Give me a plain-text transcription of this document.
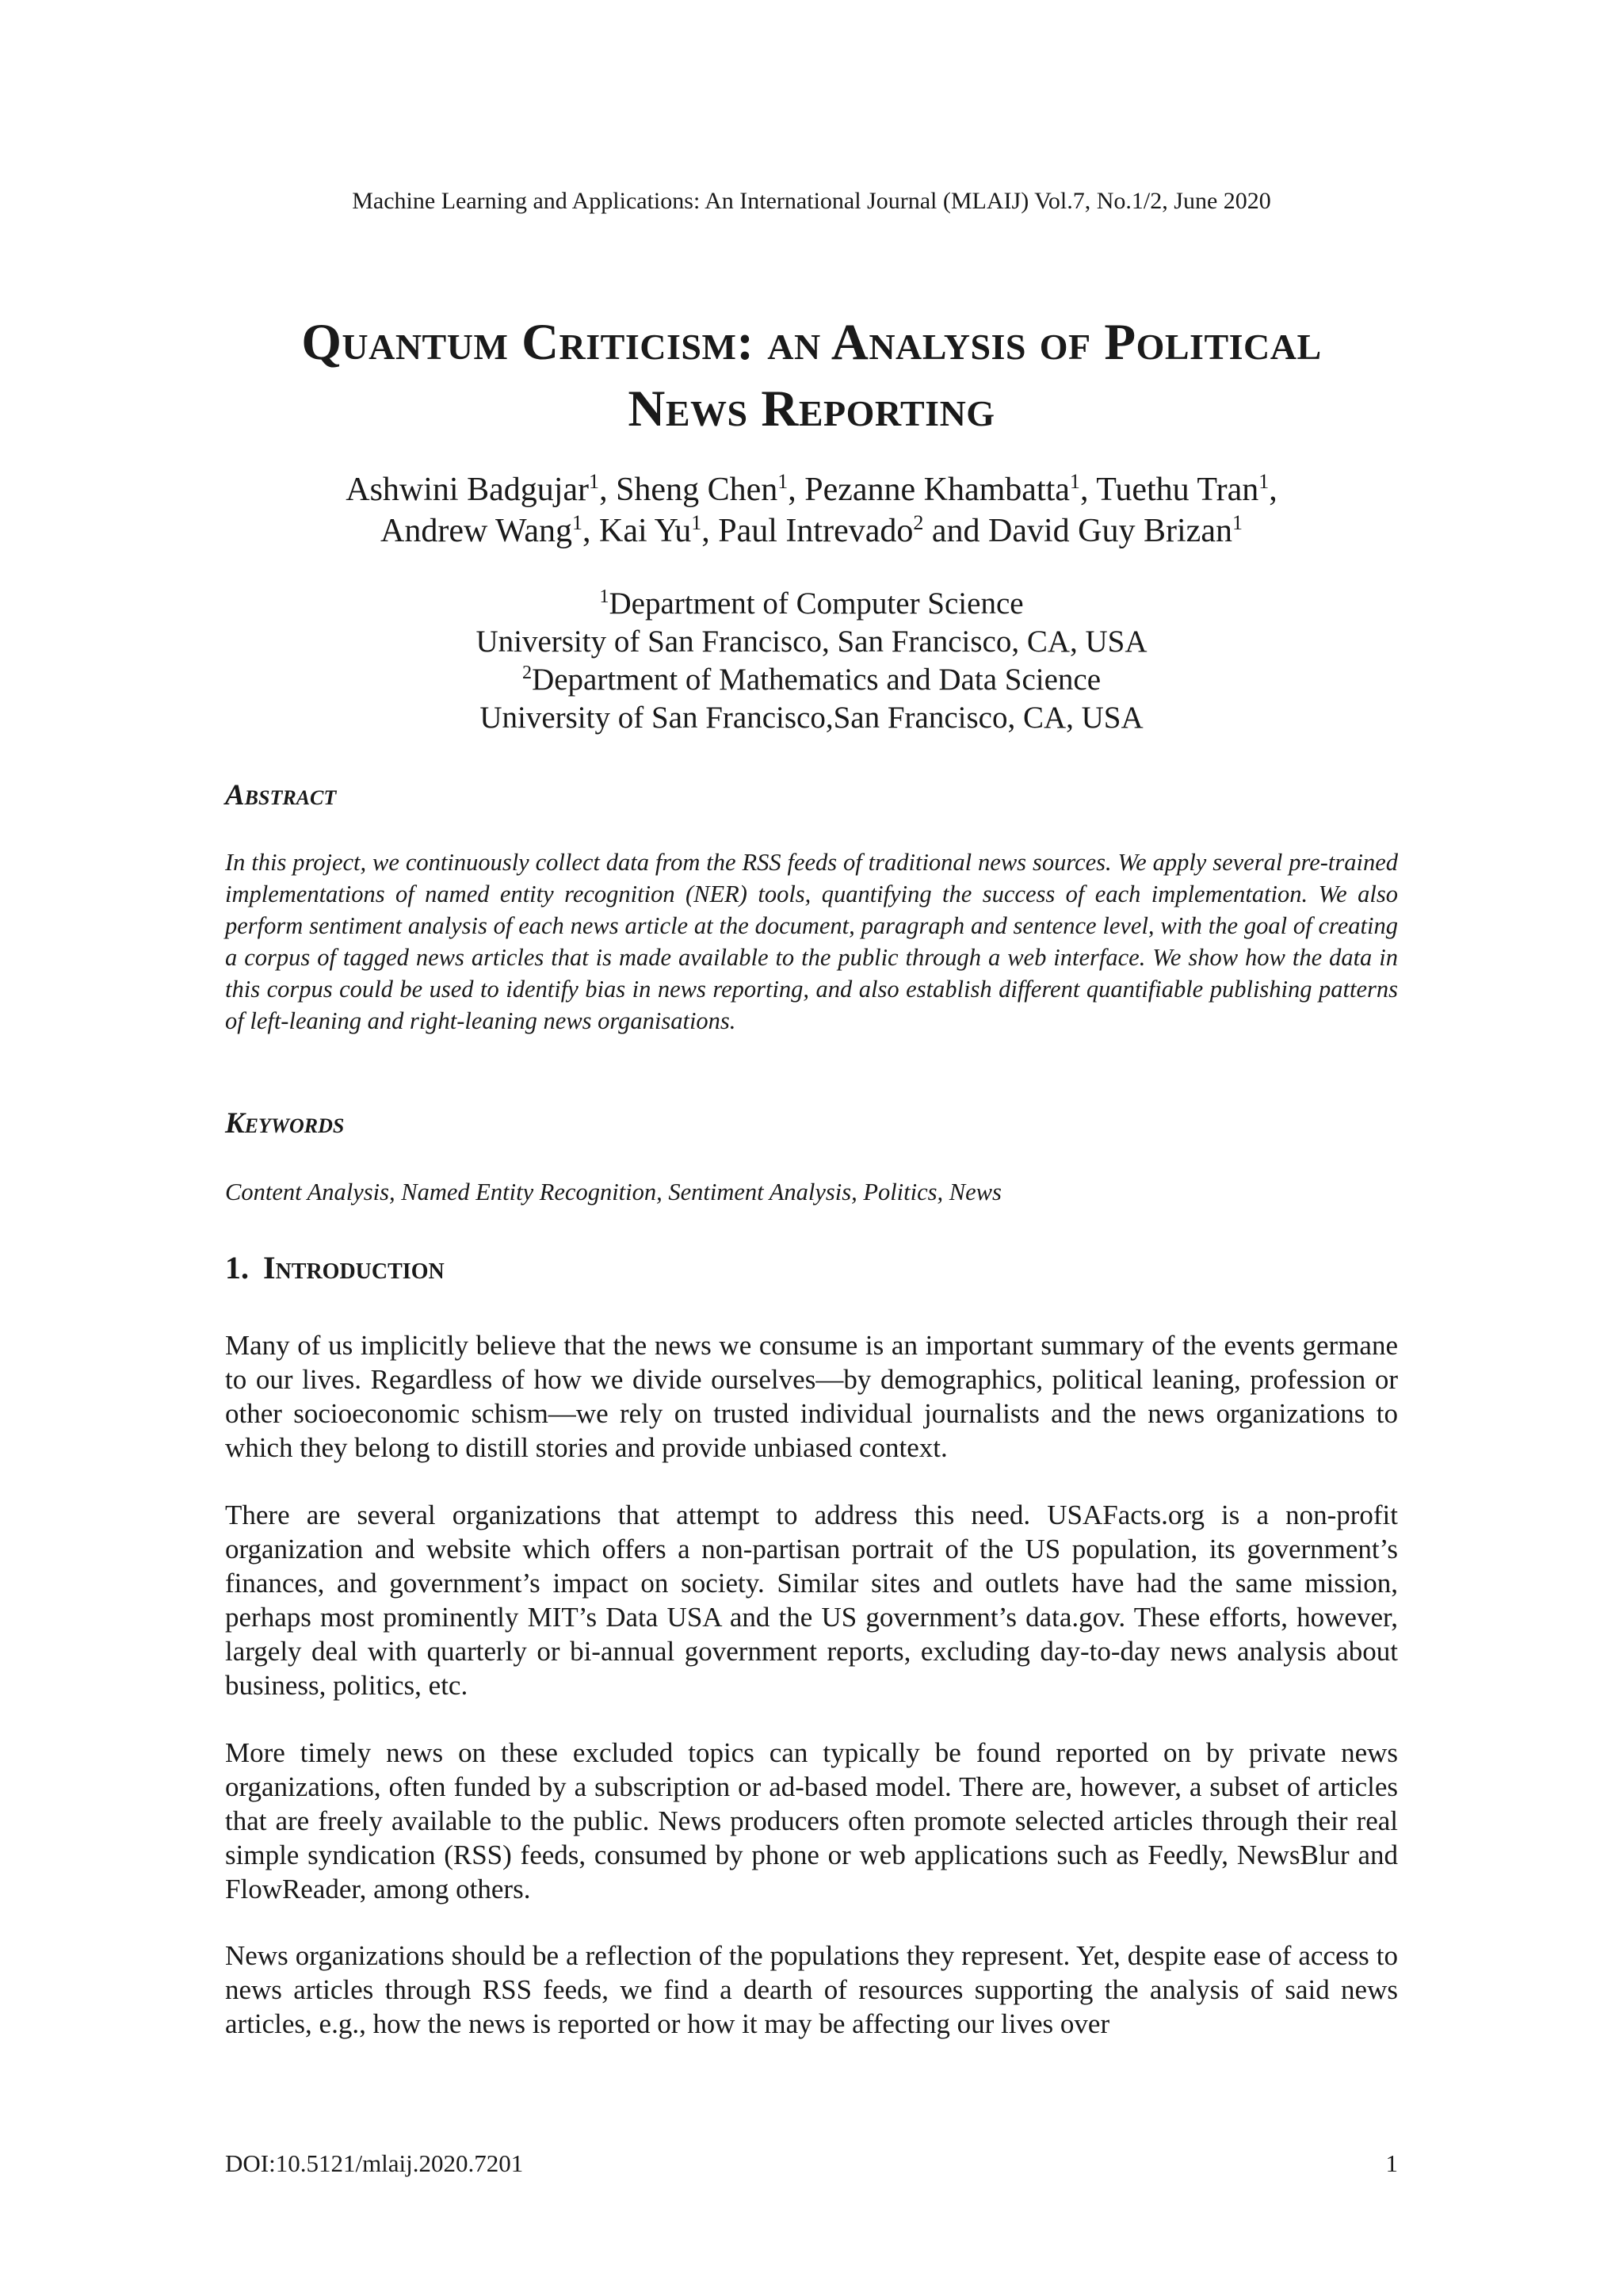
Machine Learning and Applications: An International Journal (MLAIJ) Vol.7, No.1/2, June 2020
Quantum Criticism: an Analysis of Political
News Reporting
Ashwini Badgujar$^1$, Sheng Chen$^1$, Pezanne Khambatta$^1$, Tuethu Tran$^1$,
Andrew Wang$^1$, Kai Yu$^1$, Paul Intrevado$^2$ and David Guy Brizan$^1$
$^1$Department of Computer Science
University of San Francisco, San Francisco, CA, USA
$^2$Department of Mathematics and Data Science
University of San Francisco,San Francisco, CA, USA
Abstract
In this project, we continuously collect data from the RSS feeds of traditional news sources. We apply several pre-trained implementations of named entity recognition (NER) tools, quantifying the success of each implementation. We also perform sentiment analysis of each news article at the document, paragraph and sentence level, with the goal of creating a corpus of tagged news articles that is made available to the public through a web interface. We show how the data in this corpus could be used to identify bias in news reporting, and also establish different quantifiable publishing patterns of left-leaning and right-leaning news organisations.
Keywords
Content Analysis, Named Entity Recognition, Sentiment Analysis, Politics, News
1. Introduction
Many of us implicitly believe that the news we consume is an important summary of the events germane to our lives. Regardless of how we divide ourselves—by demographics, political leaning, profession or other socioeconomic schism—we rely on trusted individual journalists and the news organizations to which they belong to distill stories and provide unbiased context.
There are several organizations that attempt to address this need. USAFacts.org is a non-profit organization and website which offers a non-partisan portrait of the US population, its government’s finances, and government’s impact on society. Similar sites and outlets have had the same mission, perhaps most prominently MIT’s Data USA and the US government’s data.gov. These efforts, however, largely deal with quarterly or bi-annual government reports, excluding day-to-day news analysis about business, politics, etc.
More timely news on these excluded topics can typically be found reported on by private news organizations, often funded by a subscription or ad-based model. There are, however, a subset of articles that are freely available to the public. News producers often promote selected articles through their real simple syndication (RSS) feeds, consumed by phone or web applications such as Feedly, NewsBlur and FlowReader, among others.
News organizations should be a reflection of the populations they represent. Yet, despite ease of access to news articles through RSS feeds, we find a dearth of resources supporting the analysis of said news articles, e.g., how the news is reported or how it may be affecting our lives over
DOI:10.5121/mlaij.2020.7201	1
